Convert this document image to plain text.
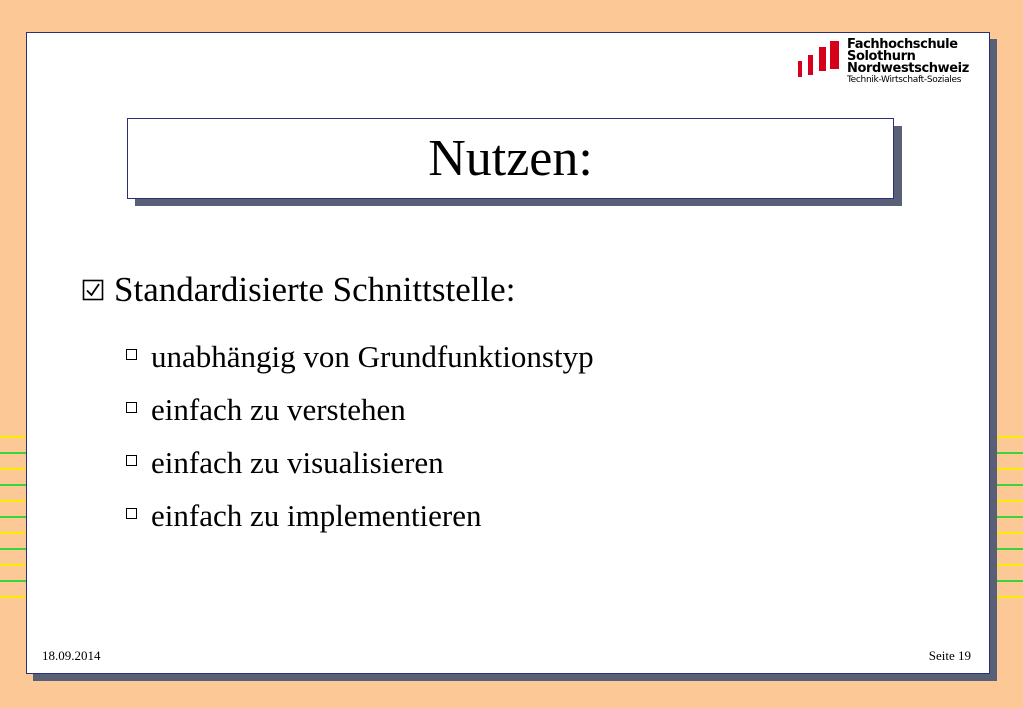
Fachhochschule
Solothurn
Nordwestschweiz
Technik-Wirtschaft-Soziales
Nutzen:
Standardisierte Schnittstelle:
unabhängig von Grundfunktionstyp
einfach zu verstehen
einfach zu visualisieren
einfach zu implementieren
18.09.2014	Seite 19
